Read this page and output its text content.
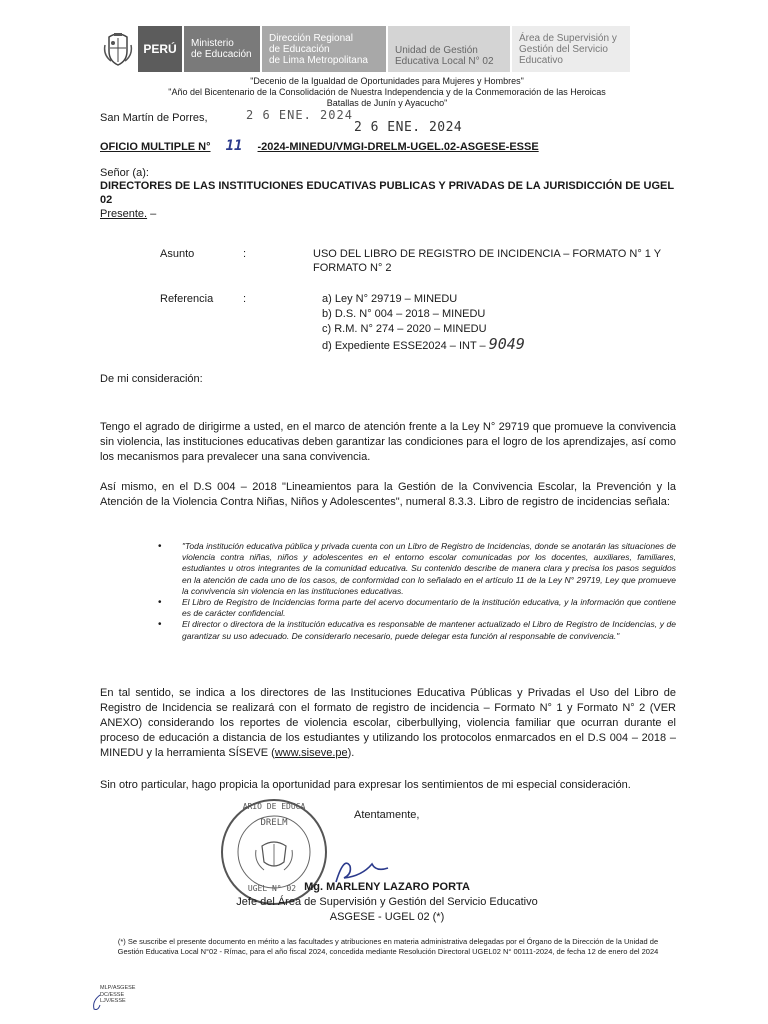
PERÚ	Ministerio
de Educación
Dirección Regional
de Educación
de Lima Metropolitana
Unidad de Gestión
Educativa Local N° 02
Área de Supervisión y
Gestión del Servicio
Educativo
"Decenio de la Igualdad de Oportunidades para Mujeres y Hombres"
"Año del Bicentenario de la Consolidación de Nuestra Independencia y de la Conmemoración de las Heroicas
Batallas de Junín y Ayacucho"
San Martín de Porres,	2 6 ENE. 2024
2 6 ENE. 2024
OFICIO MULTIPLE N° 11 -2024-MINEDU/VMGI-DRELM-UGEL.02-ASGESE-ESSE
Señor (a):
DIRECTORES DE LAS INSTITUCIONES EDUCATIVAS PUBLICAS Y PRIVADAS DE LA JURISDICCIÓN DE UGEL 02
Presente. –
Asunto	:	USO DEL LIBRO DE REGISTRO DE INCIDENCIA – FORMATO N° 1 Y FORMATO N° 2
Referencia	:	a) Ley N° 29719 – MINEDU
b) D.S. N° 004 – 2018 – MINEDU
c) R.M. N° 274 – 2020 – MINEDU
d) Expediente ESSE2024 – INT – 9049
De mi consideración:
Tengo el agrado de dirigirme a usted, en el marco de atención frente a la Ley N° 29719 que promueve la convivencia sin violencia, las instituciones educativas deben garantizar las condiciones para el logro de los aprendizajes, así como los mecanismos para prevalecer una sana convivencia.
Así mismo, en el D.S 004 – 2018 "Lineamientos para la Gestión de la Convivencia Escolar, la Prevención y la Atención de la Violencia Contra Niñas, Niños y Adolescentes", numeral 8.3.3. Libro de registro de incidencias señala:
• "Toda institución educativa pública y privada cuenta con un Libro de Registro de Incidencias, donde se anotarán las situaciones de violencia contra niñas, niños y adolescentes en el entorno escolar comunicadas por los docentes, auxiliares, familiares, estudiantes u otros integrantes de la comunidad educativa. Su contenido describe de manera clara y precisa los pasos seguidos en la atención de cada uno de los casos, de conformidad con lo señalado en el artículo 11 de la Ley N° 29719, Ley que promueve la convivencia sin violencia en las instituciones educativas.
• El Libro de Registro de Incidencias forma parte del acervo documentario de la institución educativa, y la información que contiene es de carácter confidencial.
• El director o directora de la institución educativa es responsable de mantener actualizado el Libro de Registro de Incidencias, y de garantizar su uso adecuado. De considerarlo necesario, puede delegar esta función al responsable de convivencia."
En tal sentido, se indica a los directores de las Instituciones Educativa Públicas y Privadas el Uso del Libro de Registro de Incidencia se realizará con el formato de registro de incidencia – Formato N° 1 y Formato N° 2 (VER ANEXO) considerando los reportes de violencia escolar, ciberbullying, violencia familiar que ocurran durante el proceso de educación a distancia de los estudiantes y utilizando los protocolos enmarcados en el D.S 004 – 2018 – MINEDU y la herramienta SÍSEVE (www.siseve.pe).
Sin otro particular, hago propicia la oportunidad para expresar los sentimientos de mi especial consideración.
Atentamente,
ARIO DE EDUCA
DRELM
UGEL N° 02 Mg. MARLENY LAZARO PORTA
Jefe del Área de Supervisión y Gestión del Servicio Educativo
ASGESE - UGEL 02 (*)
(*) Se suscribe el presente documento en mérito a las facultades y atribuciones en materia administrativa delegadas por el Órgano de la Dirección de la Unidad de Gestión Educativa Local N°02 - Rímac, para el año fiscal 2024, concedida mediante Resolución Directoral UGEL02 N° 00111-2024, de fecha 12 de enero del 2024
MLP/ASGESE
DC/ESSE
LJV/ESSE
